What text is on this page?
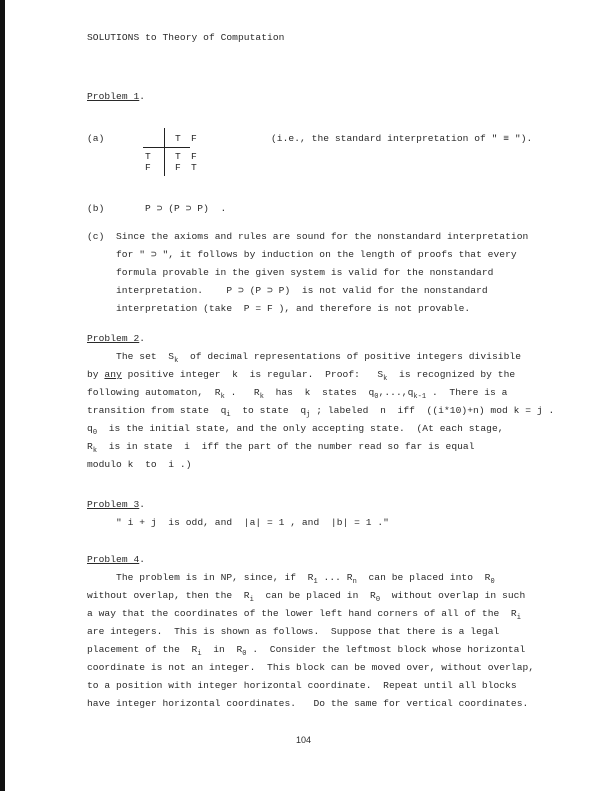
SOLUTIONS to Theory of Computation
Problem 1.
(a)	T F
T	T F
F	F T
(i.e., the standard interpretation of " ≡ ").
(b)	P ⊃ (P ⊃ P)  .
(c) Since the axioms and rules are sound for the nonstandard interpretation
for " ⊃ ", it follows by induction on the length of proofs that every
formula provable in the given system is valid for the nonstandard
interpretation.    P ⊃ (P ⊃ P)  is not valid for the nonstandard
interpretation (take  P = F ), and therefore is not provable.
Problem 2.
The set  $S_k$  of decimal representations of positive integers divisible
by any positive integer  k  is regular.  Proof:   $S_k$  is recognized by the
following automaton,  $R_k$ .   $R_k$  has  k  states  $q_0,...,q_{k-1}$ .  There is a
transition from state  $q_i$  to state  $q_j$ ; labeled  n  iff  ((i*10)+n) mod k = j .
$q_0$  is the initial state, and the only accepting state.  (At each stage,
$R_k$  is in state  i  iff the part of the number read so far is equal
modulo k  to  i .)
Problem 3.
" i + j  is odd, and  |a| = 1 , and  |b| = 1 ."
Problem 4.
The problem is in NP, since, if  $R_1$ ... $R_n$  can be placed into  $R_0$
without overlap, then the  $R_i$  can be placed in  $R_0$  without overlap in such
a way that the coordinates of the lower left hand corners of all of the  $R_i$
are integers.  This is shown as follows.  Suppose that there is a legal
placement of the  $R_i$  in  $R_0$ .  Consider the leftmost block whose horizontal
coordinate is not an integer.  This block can be moved over, without overlap,
to a position with integer horizontal coordinate.  Repeat until all blocks
have integer horizontal coordinates.   Do the same for vertical coordinates.
104
